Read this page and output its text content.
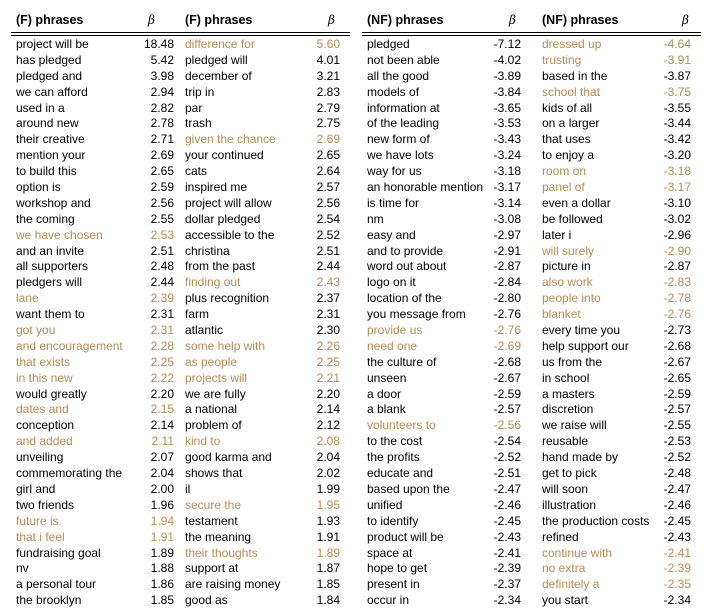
(F) phrases	β (F) phrases	β
project will be	18.48 difference for	5.60
has pledged	5.42 pledged will	4.01
pledged and	3.98 december of	3.21
we can afford	2.94 trip in	2.83
used in a	2.82 par	2.79
around new	2.78 trash	2.75
their creative	2.71 given the chance	2.69
mention your	2.69 your continued	2.65
to build this	2.65 cats	2.64
option is	2.59 inspired me	2.57
workshop and	2.56 project will allow	2.56
the coming	2.55 dollar pledged	2.54
we have chosen	2.53 accessible to the	2.52
and an invite	2.51 christina	2.51
all supporters	2.48 from the past	2.44
pledgers will	2.44 finding out	2.43
lane	2.39 plus recognition	2.37
want them to	2.31 farm	2.31
got you	2.31 atlantic	2.30
and encouragement 2.28 some help with	2.26
that exists	2.25 as people	2.25
in this new	2.22 projects will	2.21
would greatly	2.20 we are fully	2.20
dates and	2.15 a national	2.14
conception	2.14 problem of	2.12
and added	2.11 kind to	2.08
unveiling	2.07 good karma and	2.04
commemorating the 2.04 shows that	2.02
girl and	2.00 il	1.99
two friends	1.96 secure the	1.95
future is	1.94 testament	1.93
that i feel	1.91 the meaning	1.91
fundraising goal	1.89 their thoughts	1.89
nv	1.88 support at	1.87
a personal tour	1.86 are raising money	1.85
the brooklyn	1.85 good as	1.84
(NF) phrases	β (NF) phrases	β
pledged	-7.12 dressed up	-4.64
not been able	-4.02 trusting	-3.91
all the good	-3.89 based in the	-3.87
models of	-3.84 school that	-3.75
information at	-3.65 kids of all	-3.55
of the leading	-3.53 on a larger	-3.44
new form of	-3.43 that uses	-3.42
we have lots	-3.24 to enjoy a	-3.20
way for us	-3.18 room on	-3.18
an honorable mention -3.17 panel of	-3.17
is time for	-3.14 even a dollar	-3.10
nm	-3.08 be followed	-3.02
easy and	-2.97 later i	-2.96
and to provide	-2.91 will surely	-2.90
word out about	-2.87 picture in	-2.87
logo on it	-2.84 also work	-2.83
location of the	-2.80 people into	-2.78
you message from -2.76 blanket	-2.76
provide us	-2.76 every time you	-2.73
need one	-2.69 help support our	-2.68
the culture of	-2.68 us from the	-2.67
unseen	-2.67 in school	-2.65
a door	-2.59 a masters	-2.59
a blank	-2.57 discretion	-2.57
volunteers to	-2.56 we raise will	-2.55
to the cost	-2.54 reusable	-2.53
the profits	-2.52 hand made by	-2.52
educate and	-2.51 get to pick	-2.48
based upon the	-2.47 will soon	-2.47
unified	-2.46 illustration	-2.46
to identify	-2.45 the production costs -2.45
product will be	-2.43 refined	-2.43
space at	-2.41 continue with	-2.41
hope to get	-2.39 no extra	-2.39
present in	-2.37 definitely a	-2.35
occur in	-2.34 you start	-2.34
